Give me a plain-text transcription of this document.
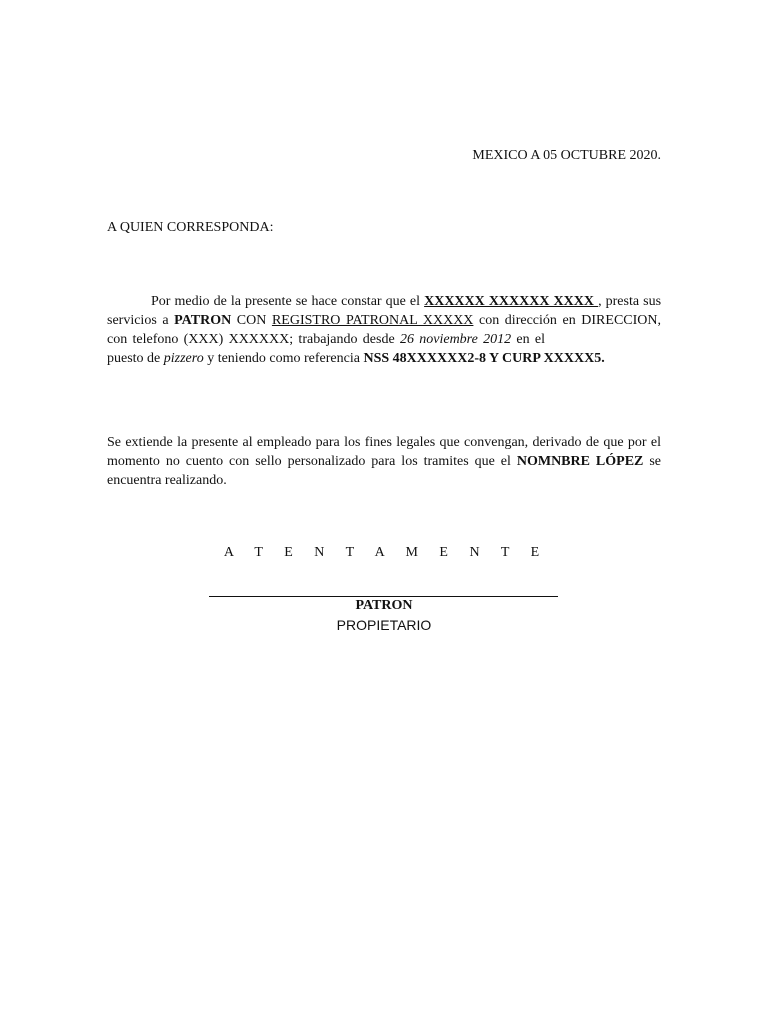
MEXICO A 05 OCTUBRE 2020.
A QUIEN CORRESPONDA:
Por medio de la presente se hace constar que el XXXXXX XXXXXX XXXX , presta sus servicios a PATRON CON REGISTRO PATRONAL XXXXX con dirección en DIRECCION, con telefono (XXX) XXXXXX; trabajando desde 26 noviembre 2012 en elpuesto de pizzero y teniendo como referencia NSS 48XXXXXX2-8 Y CURP XXXXX5.
Se extiende la presente al empleado para los fines legales que convengan, derivado de que por el momento no cuento con sello personalizado para los tramites que el NOMNBRE LÓPEZ se encuentra realizando.
A T E N T A M E N T E
PATRON
PROPIETARIO
